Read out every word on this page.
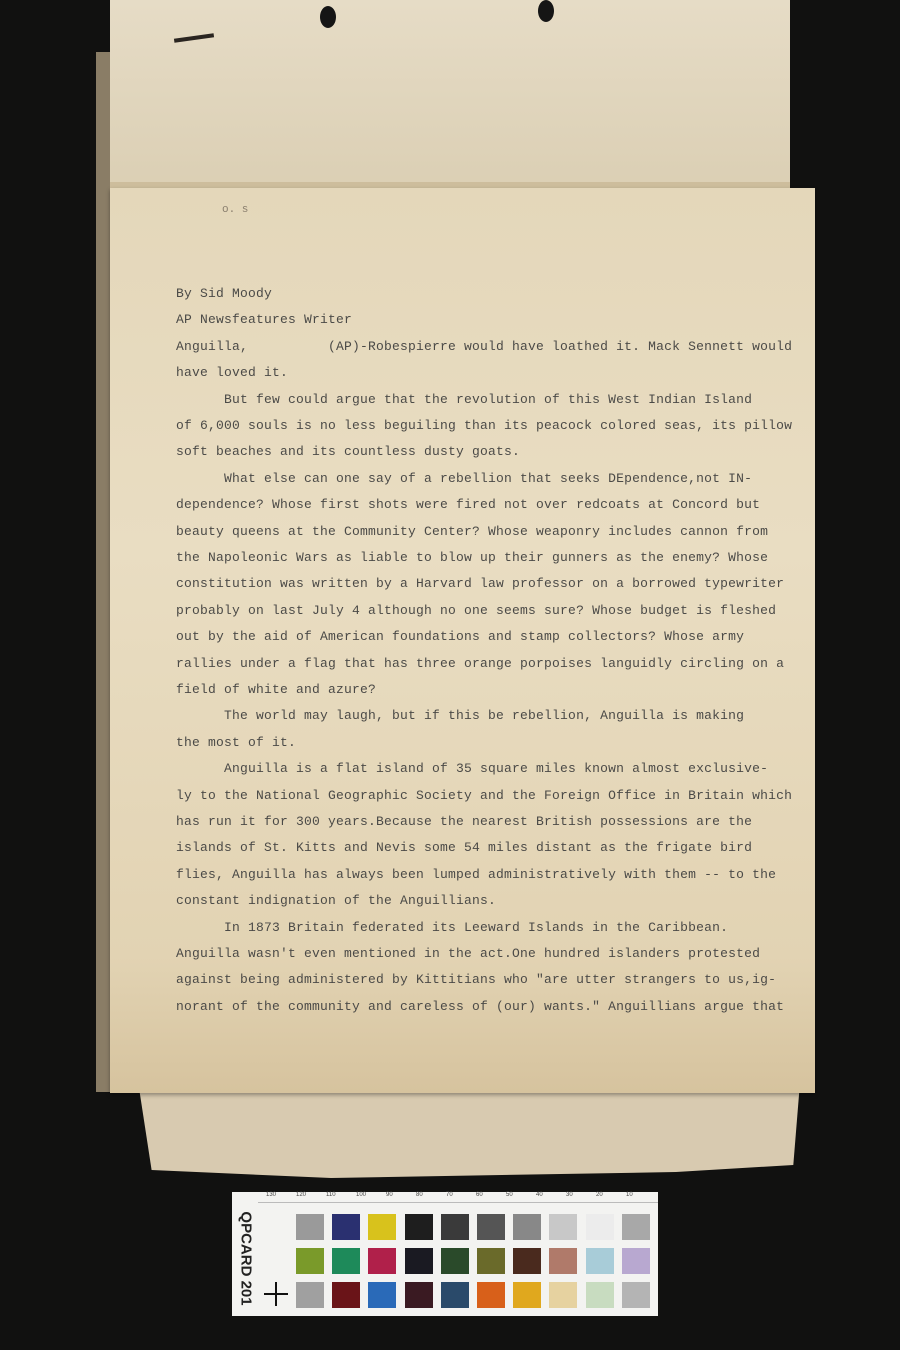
o. s
By Sid Moody
AP Newsfeatures Writer
Anguilla,          (AP)-Robespierre would have loathed it. Mack Sennett would
have loved it.
But few could argue that the revolution of this West Indian Island
of 6,000 souls is no less beguiling than its peacock colored seas, its pillow
soft beaches and its countless dusty goats.
What else can one say of a rebellion that seeks DEpendence,not IN-
dependence? Whose first shots were fired not over redcoats at Concord but
beauty queens at the Community Center? Whose weaponry includes cannon from
the Napoleonic Wars as liable to blow up their gunners as the enemy? Whose
constitution was written by a Harvard law professor on a borrowed typewriter
probably on last July 4 although no one seems sure? Whose budget is fleshed
out by the aid of American foundations and stamp collectors? Whose army
rallies under a flag that has three orange porpoises languidly circling on a
field of white and azure?
The world may laugh, but if this be rebellion, Anguilla is making
the most of it.
Anguilla is a flat island of 35 square miles known almost exclusive-
ly to the National Geographic Society and the Foreign Office in Britain which
has run it for 300 years.Because the nearest British possessions are the
islands of St. Kitts and Nevis some 54 miles distant as the frigate bird
flies, Anguilla has always been lumped administratively with them -- to the
constant indignation of the Anguillians.
In 1873 Britain federated its Leeward Islands in the Caribbean.
Anguilla wasn't even mentioned in the act.One hundred islanders protested
against being administered by Kittitians who "are utter strangers to us,ig-
norant of the community and careless of (our) wants." Anguillians argue that
130	120	110	100	90	80	70	60	50	40	30	20	10
QPCARD 201
